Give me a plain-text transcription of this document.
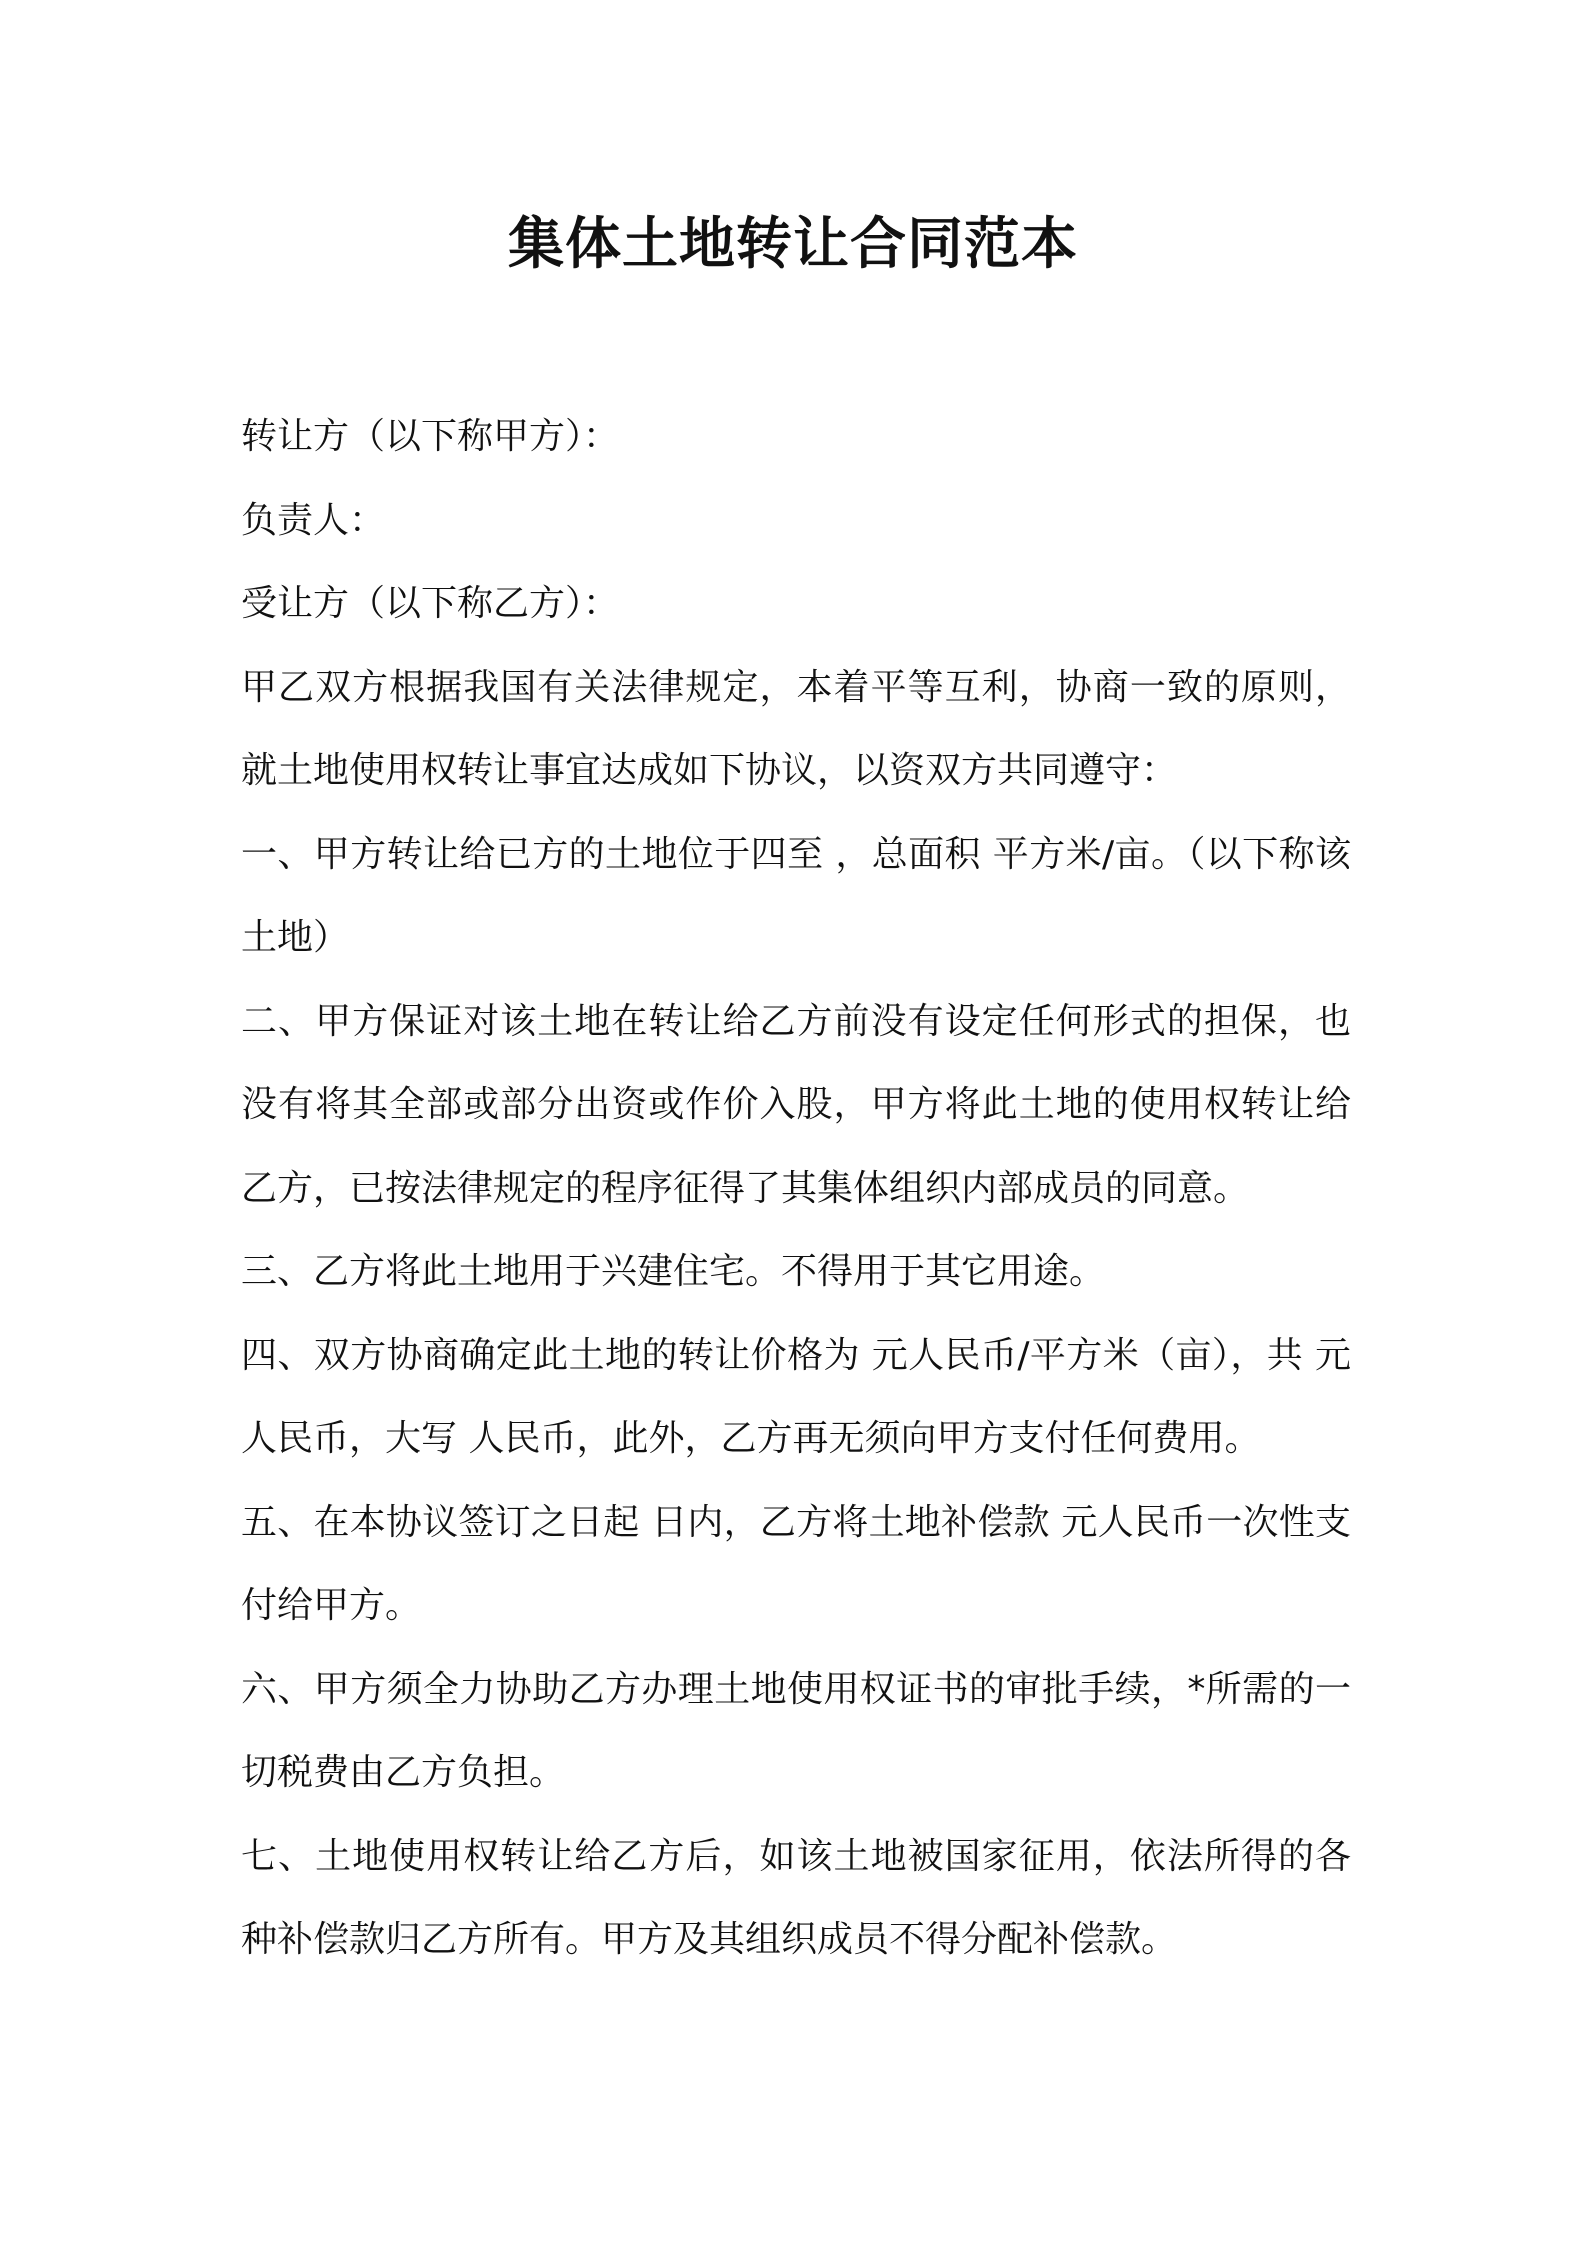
集体土地转让合同范本

转让方（以下称甲方）：

负责人：

受让方（以下称乙方）：

甲乙双方根据我国有关法律规定，本着平等互利，协商一致的原则，就土地使用权转让事宜达成如下协议，以资双方共同遵守：

一、甲方转让给已方的土地位于四至 ，总面积 平方米/亩。（以下称该土地）

二、甲方保证对该土地在转让给乙方前没有设定任何形式的担保，也没有将其全部或部分出资或作价入股，甲方将此土地的使用权转让给乙方，已按法律规定的程序征得了其集体组织内部成员的同意。

三、乙方将此土地用于兴建住宅。不得用于其它用途。

四、双方协商确定此土地的转让价格为 元人民币/平方米（亩），共 元人民币，大写 人民币，此外，乙方再无须向甲方支付任何费用。

五、在本协议签订之日起 日内，乙方将土地补偿款 元人民币一次性支付给甲方。

六、甲方须全力协助乙方办理土地使用权证书的审批手续，*所需的一切税费由乙方负担。

七、土地使用权转让给乙方后，如该土地被国家征用，依法所得的各种补偿款归乙方所有。甲方及其组织成员不得分配补偿款。
